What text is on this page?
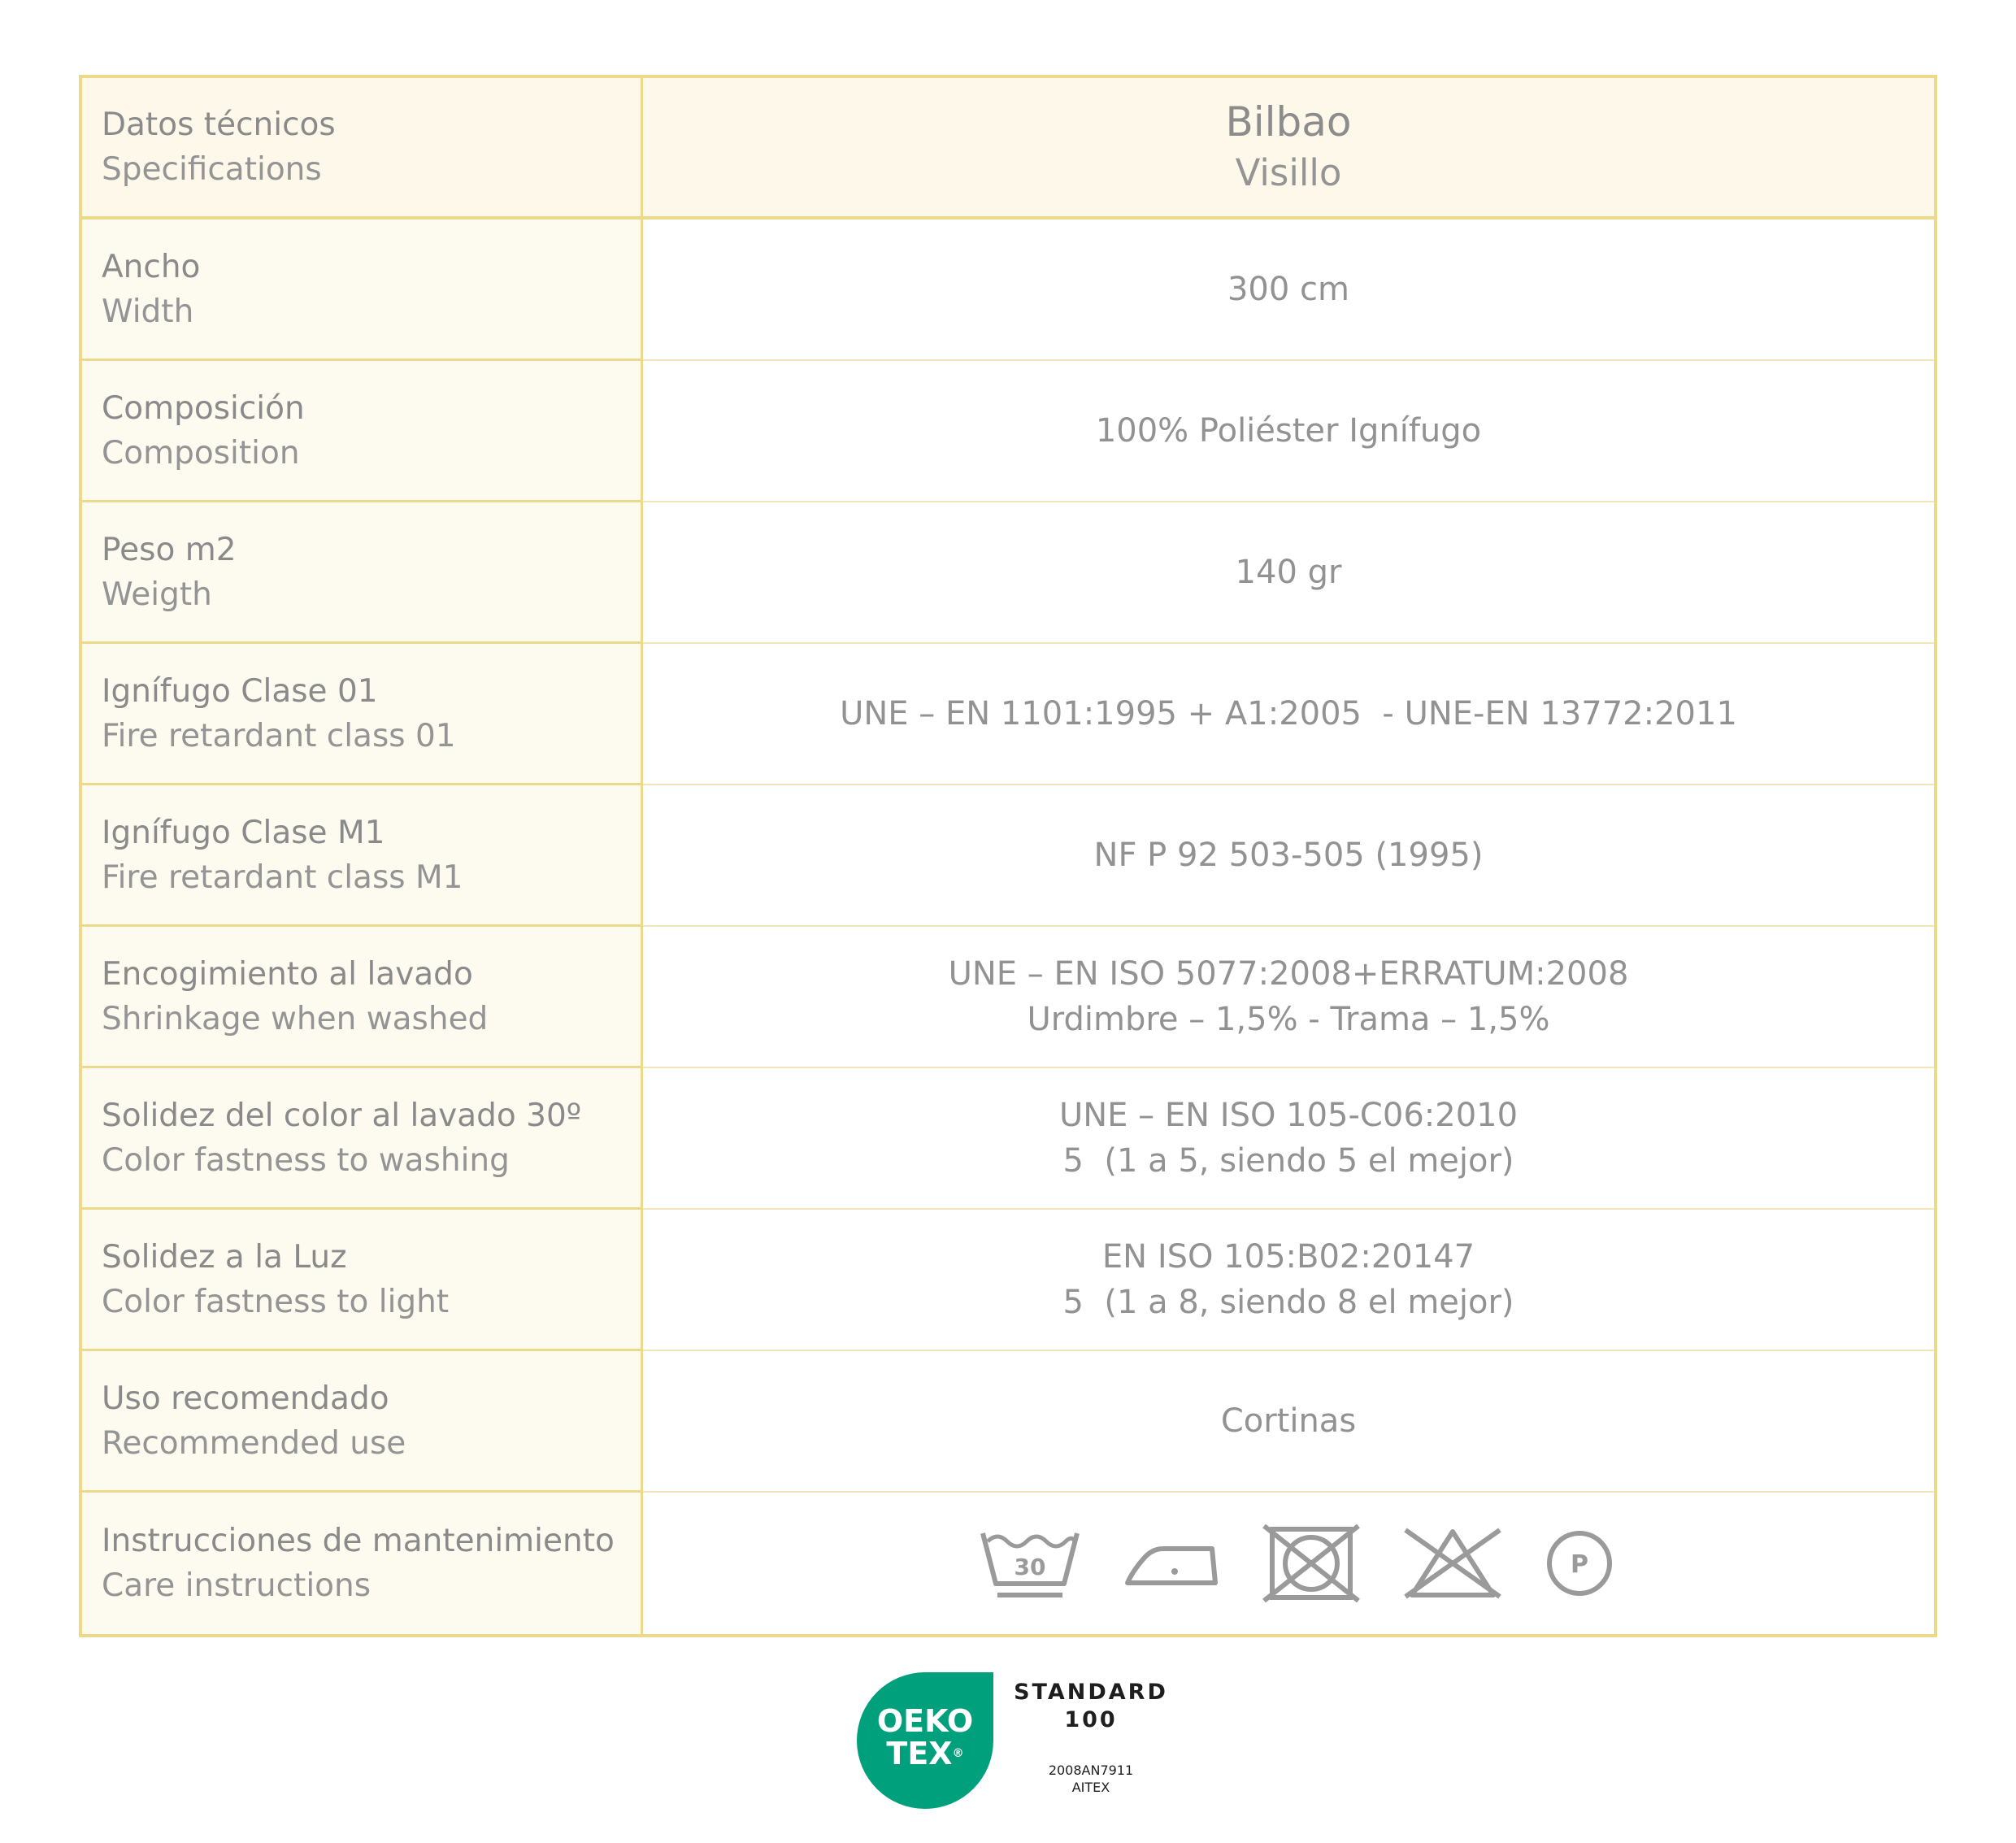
Datos técnicos
Specifications
Bilbao
Visillo
Ancho
Width
300 cm
Composición
Composition
100% Poliéster Ignífugo
Peso m2
Weigth
140 gr
Ignífugo Clase 01
Fire retardant class 01
UNE – EN 1101:1995 + A1:2005  - UNE-EN 13772:2011
Ignífugo Clase M1
Fire retardant class M1
NF P 92 503-505 (1995)
Encogimiento al lavado
Shrinkage when washed
UNE – EN ISO 5077:2008+ERRATUM:2008
Urdimbre – 1,5% - Trama – 1,5%
Solidez del color al lavado 30º
Color fastness to washing
UNE – EN ISO 105-C06:2010
5  (1 a 5, siendo 5 el mejor)
Solidez a la Luz
Color fastness to light
EN ISO 105:B02:20147
5  (1 a 8, siendo 8 el mejor)
Uso recomendado
Recommended use
Cortinas
Instrucciones de mantenimiento
Care instructions
30	P
OEKO
TEX®
STANDARD
100
2008AN7911
AITEX
